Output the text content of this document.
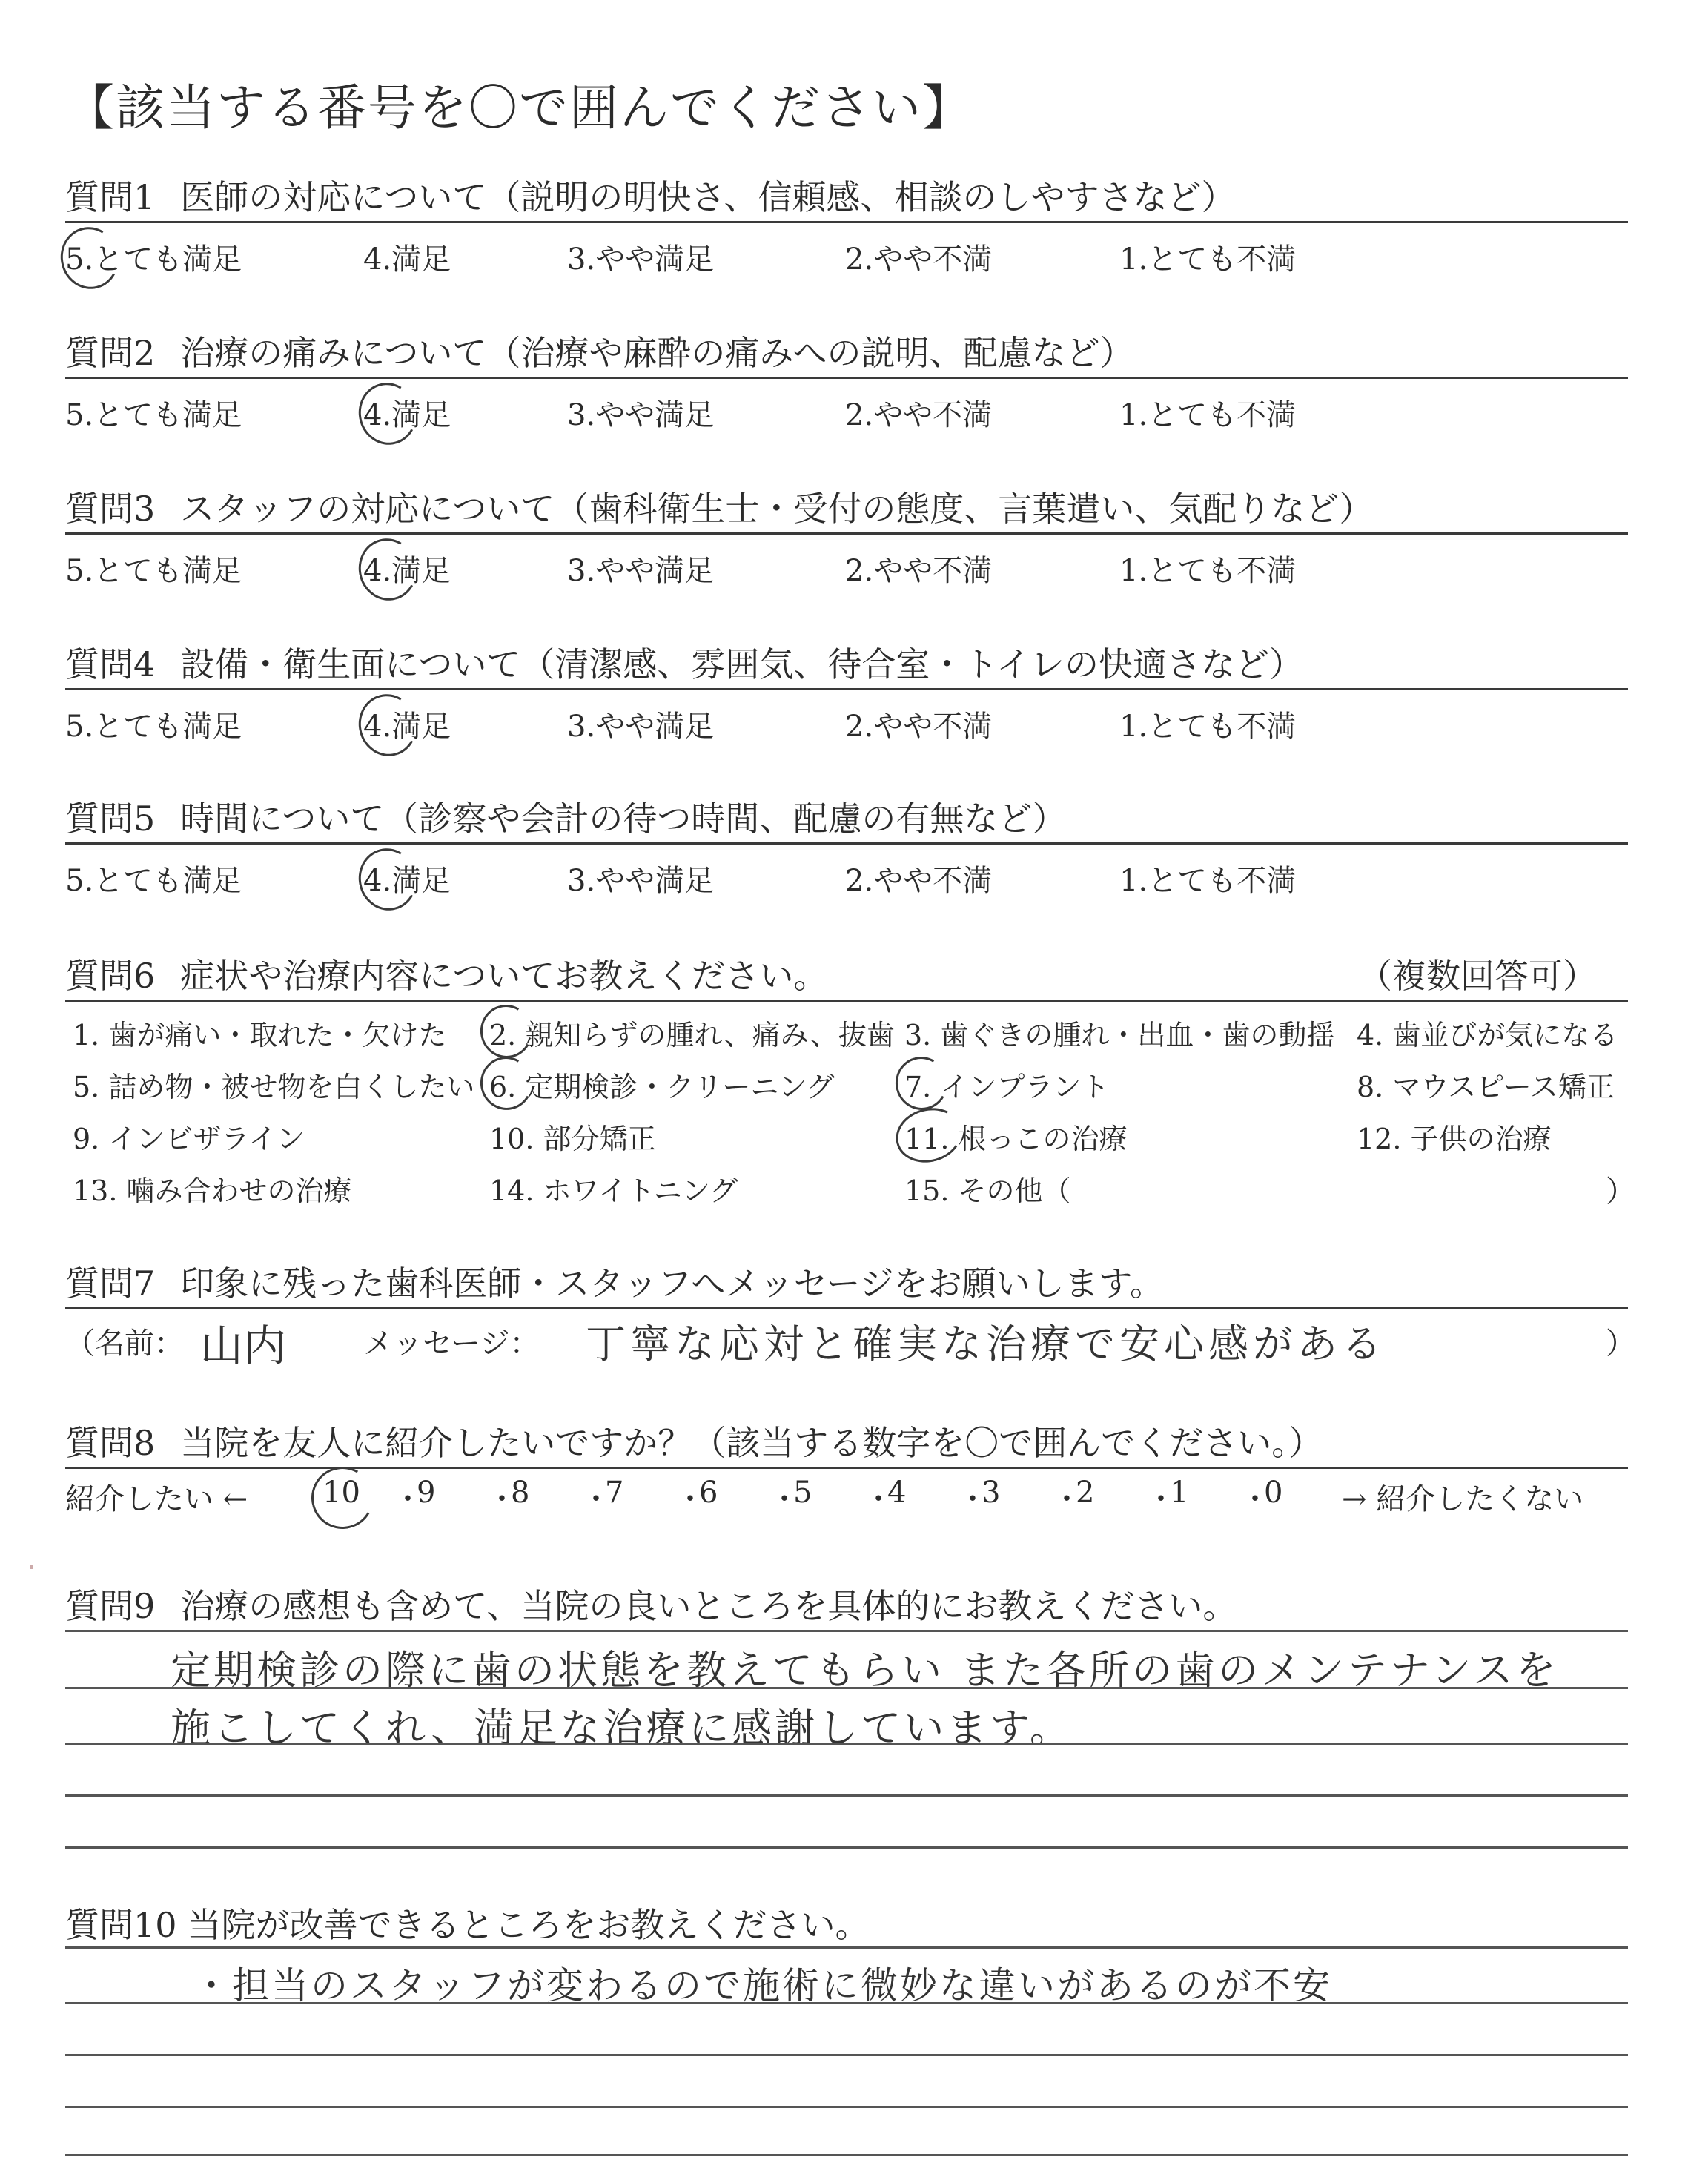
【該当する番号を〇で囲んでください】
質問1 医師の対応について（説明の明快さ、信頼感、相談のしやすさなど）
5.とても満足	4.満足	3.やや満足	2.やや不満	1.とても不満
質問2 治療の痛みについて（治療や麻酔の痛みへの説明、配慮など）
5.とても満足	4.満足	3.やや満足	2.やや不満	1.とても不満
質問3 スタッフの対応について（歯科衛生士・受付の態度、言葉遣い、気配りなど）
5.とても満足	4.満足	3.やや満足	2.やや不満	1.とても不満
質問4 設備・衛生面について（清潔感、雰囲気、待合室・トイレの快適さなど）
5.とても満足	4.満足	3.やや満足	2.やや不満	1.とても不満
質問5 時間について（診察や会計の待つ時間、配慮の有無など）
5.とても満足	4.満足	3.やや満足	2.やや不満	1.とても不満
質問6 症状や治療内容についてお教えください。	（複数回答可）
1. 歯が痛い・取れた・欠けた 2. 親知らずの腫れ、痛み、抜歯 3. 歯ぐきの腫れ・出血・歯の動揺 4. 歯並びが気になる
5. 詰め物・被せ物を白くしたい 6. 定期検診・クリーニング 7. インプラント	8. マウスピース矯正
9. インビザライン	10. 部分矯正	11. 根っこの治療	12. 子供の治療
13. 噛み合わせの治療	14. ホワイトニング	15. その他（	）
質問7 印象に残った歯科医師・スタッフへメッセージをお願いします。
（名前： 山内	メッセージ： 丁寧な応対と確実な治療で安心感がある	）
質問8 当院を友人に紹介したいですか？（該当する数字を〇で囲んでください。）
紹介したい ←	→ 紹介したくない
10 ・
9 ・
8 ・
7 ・
6 ・
5 ・
4 ・
3 ・
2 ・
1 ・
0
質問9 治療の感想も含めて、当院の良いところを具体的にお教えください。
定期検診の際に歯の状態を教えてもらい また各所の歯のメンテナンスを
施こしてくれ、満足な治療に感謝しています。
質問10 当院が改善できるところをお教えください。
・担当のスタッフが変わるので施術に微妙な違いがあるのが不安
